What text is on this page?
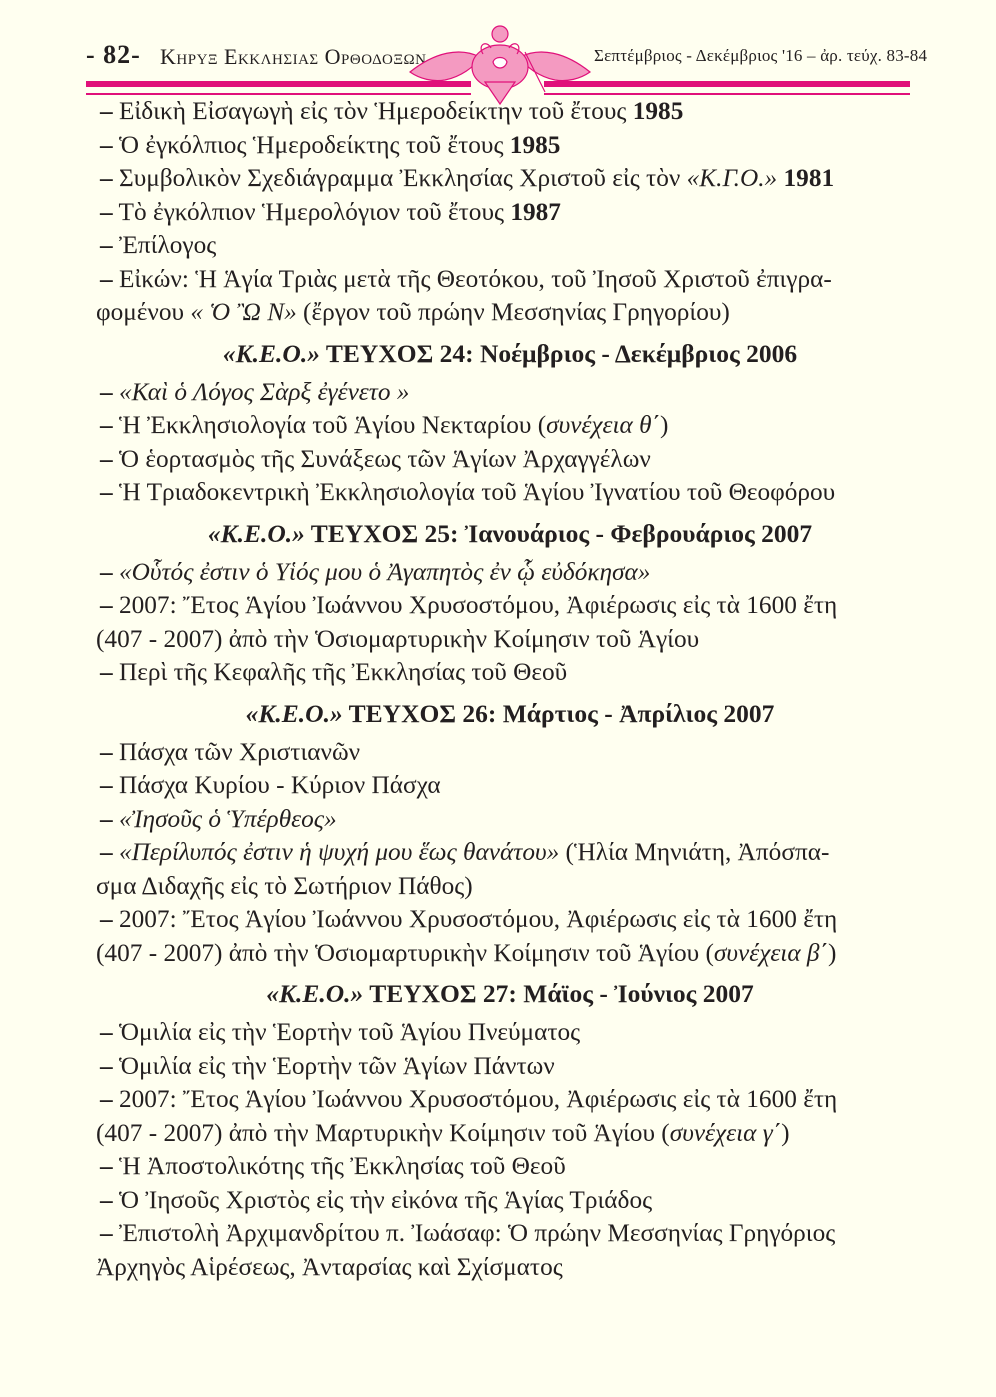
- 82- Κηρυξ Εκκλησιας Ορθοδοξων	Σεπτέμβριος - Δεκέμβριος '16 – ἀρ. τεύχ. 83-84
– Εἰδικὴ Εἰσαγωγὴ εἰς τὸν Ἡμεροδείκτην τοῦ ἔτους 1985
– Ὁ ἐγκόλπιος Ἡμεροδείκτης τοῦ ἔτους 1985
– Συμβολικὸν Σχεδιάγραμμα Ἐκκλησίας Χριστοῦ εἰς τὸν «Κ.Γ.Ο.» 1981
– Τὸ ἐγκόλπιον Ἡμερολόγιον τοῦ ἔτους 1987
– Ἐπίλογος
– Εἰκών: Ἡ Ἁγία Τριὰς μετὰ τῆς Θεοτόκου, τοῦ Ἰησοῦ Χριστοῦ ἐπιγρα-
φομένου « Ὁ Ὢ Ν» (ἔργον τοῦ πρώην Μεσσηνίας Γρηγορίου)
«Κ.Ε.Ο.» ΤΕΥΧΟΣ 24: Νοέμβριος - Δεκέμβριος 2006
– «Καὶ ὁ Λόγος Σὰρξ ἐγένετο »
– Ἡ Ἐκκλησιολογία τοῦ Ἁγίου Νεκταρίου (συνέχεια θ΄)
– Ὁ ἑορτασμὸς τῆς Συνάξεως τῶν Ἁγίων Ἀρχαγγέλων
– Ἡ Τριαδοκεντρικὴ Ἐκκλησιολογία τοῦ Ἁγίου Ἰγνατίου τοῦ Θεοφόρου
«Κ.Ε.Ο.» ΤΕΥΧΟΣ 25: Ἰανουάριος - Φεβρουάριος 2007
– «Οὗτός ἐστιν ὁ Υἱός μου ὁ Ἀγαπητὸς ἐν ᾧ εὐδόκησα»
– 2007: Ἔτος Ἁγίου Ἰωάννου Χρυσοστόμου, Ἀφιέρωσις εἰς τὰ 1600 ἔτη
(407 - 2007) ἀπὸ τὴν Ὁσιομαρτυρικὴν Κοίμησιν τοῦ Ἁγίου
– Περὶ τῆς Κεφαλῆς τῆς Ἐκκλησίας τοῦ Θεοῦ
«Κ.Ε.Ο.» ΤΕΥΧΟΣ 26: Μάρτιος - Ἀπρίλιος 2007
– Πάσχα τῶν Χριστιανῶν
– Πάσχα Κυρίου - Κύριον Πάσχα
– «Ἰησοῦς ὁ Ὑπέρθεος»
– «Περίλυπός ἐστιν ἡ ψυχή μου ἕως θανάτου» (Ἡλία Μηνιάτη, Ἀπόσπα-
σμα Διδαχῆς εἰς τὸ Σωτήριον Πάθος)
– 2007: Ἔτος Ἁγίου Ἰωάννου Χρυσοστόμου, Ἀφιέρωσις εἰς τὰ 1600 ἔτη
(407 - 2007) ἀπὸ τὴν Ὁσιομαρτυρικὴν Κοίμησιν τοῦ Ἁγίου (συνέχεια β΄)
«Κ.Ε.Ο.» ΤΕΥΧΟΣ 27: Μάϊος - Ἰούνιος 2007
– Ὁμιλία εἰς τὴν Ἑορτὴν τοῦ Ἁγίου Πνεύματος
– Ὁμιλία εἰς τὴν Ἑορτὴν τῶν Ἁγίων Πάντων
– 2007: Ἔτος Ἁγίου Ἰωάννου Χρυσοστόμου, Ἀφιέρωσις εἰς τὰ 1600 ἔτη
(407 - 2007) ἀπὸ τὴν Μαρτυρικὴν Κοίμησιν τοῦ Ἁγίου (συνέχεια γ΄)
– Ἡ Ἀποστολικότης τῆς Ἐκκλησίας τοῦ Θεοῦ
– Ὁ Ἰησοῦς Χριστὸς εἰς τὴν εἰκόνα τῆς Ἁγίας Τριάδος
– Ἐπιστολὴ Ἀρχιμανδρίτου π. Ἰωάσαφ: Ὁ πρώην Μεσσηνίας Γρηγόριος
Ἀρχηγὸς Αἱρέσεως, Ἀνταρσίας καὶ Σχίσματος
